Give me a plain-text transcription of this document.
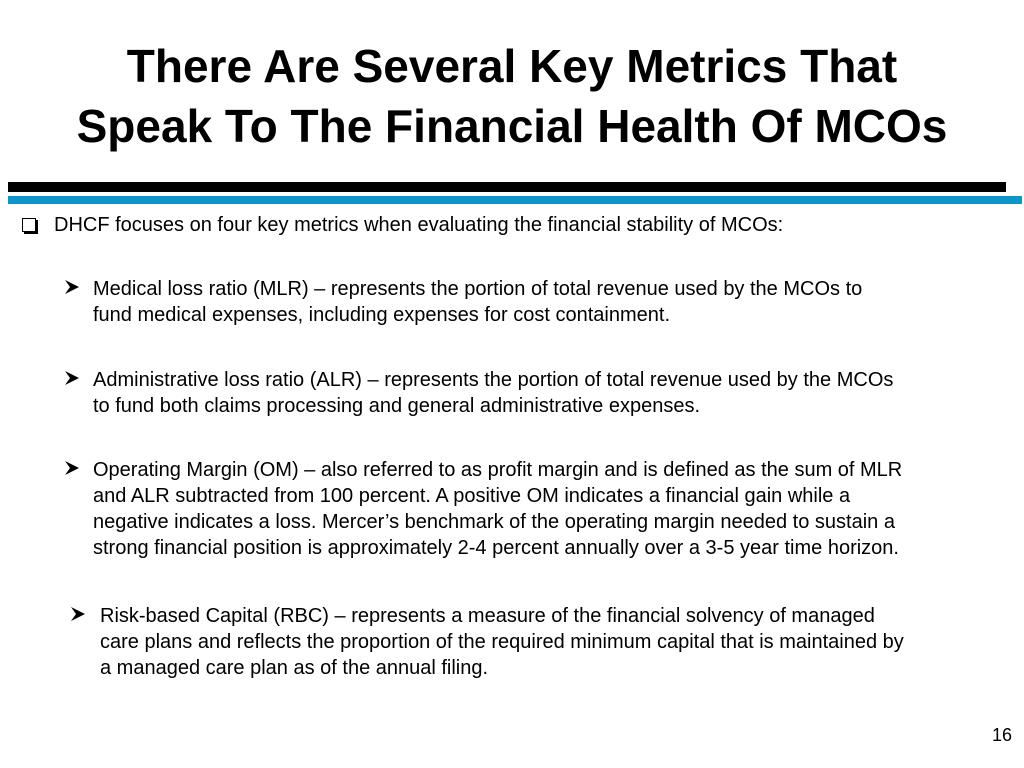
There Are Several Key Metrics That
Speak To The Financial Health Of MCOs
DHCF focuses on four key metrics when evaluating the financial stability of MCOs:
Medical loss ratio (MLR) – represents the portion of total revenue used by the MCOs to
fund medical expenses, including expenses for cost containment.
Administrative loss ratio (ALR) – represents the portion of total revenue used by the MCOs
to fund both claims processing and general administrative expenses.
Operating Margin (OM) – also referred to as profit margin and is defined as the sum of MLR
and ALR subtracted from 100 percent. A positive OM indicates a financial gain while a
negative indicates a loss. Mercer’s benchmark of the operating margin needed to sustain a
strong financial position is approximately 2-4 percent annually over a 3-5 year time horizon.
Risk-based Capital (RBC) – represents a measure of the financial solvency of managed
care plans and reflects the proportion of the required minimum capital that is maintained by
a managed care plan as of the annual filing.
16
